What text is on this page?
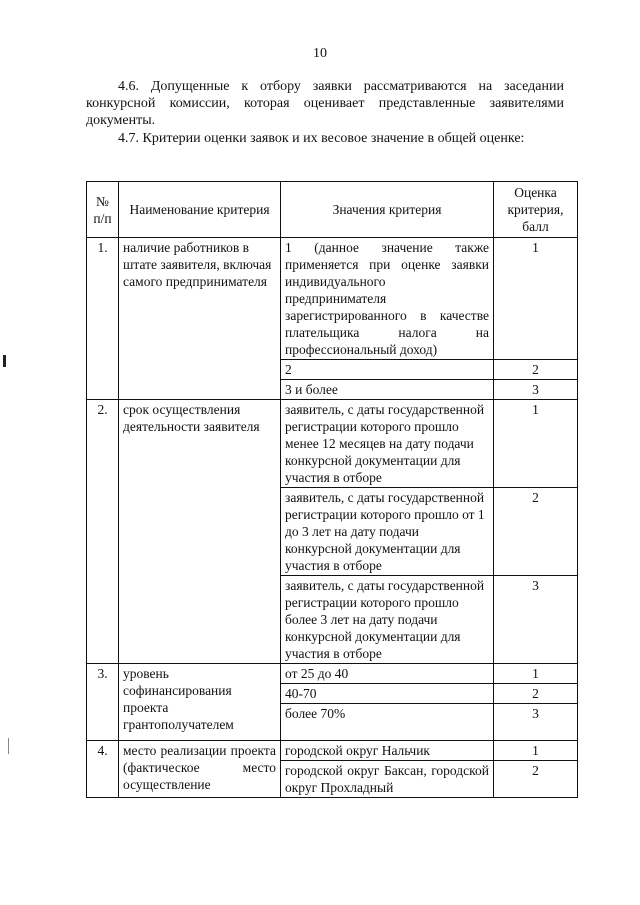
10
4.6. Допущенные к отбору заявки рассматриваются на заседании конкурсной комиссии, которая оценивает представленные заявителями документы.
4.7. Критерии оценки заявок и их весовое значение в общей оценке:
№ п/п	Наименование критерия	Значения критерия	Оценка критерия, балл
1.	наличие работников в штате заявителя, включая самого предпринимателя	1 (данное значение также применяется при оценке заявки индивидуального предпринимателя зарегистрированного в качестве плательщика налога на профессиональный доход)	1
		2	2
		3 и более	3
2.	срок осуществления деятельности заявителя	заявитель, с даты государственной регистрации которого прошло менее 12 месяцев на дату подачи конкурсной документации для участия в отборе	1
		заявитель, с даты государственной регистрации которого прошло от 1 до 3 лет на дату подачи конкурсной документации для участия в отборе	2
		заявитель, с даты государственной регистрации которого прошло более 3 лет на дату подачи конкурсной документации для участия в отборе	3
3.	уровень софинансирования проекта грантополучателем	от 25 до 40	1
		40-70	2
		более 70%	3
4.	место реализации проекта (фактическое место осуществление	городской округ Нальчик	1
		городской округ Баксан, городской округ Прохладный	2
